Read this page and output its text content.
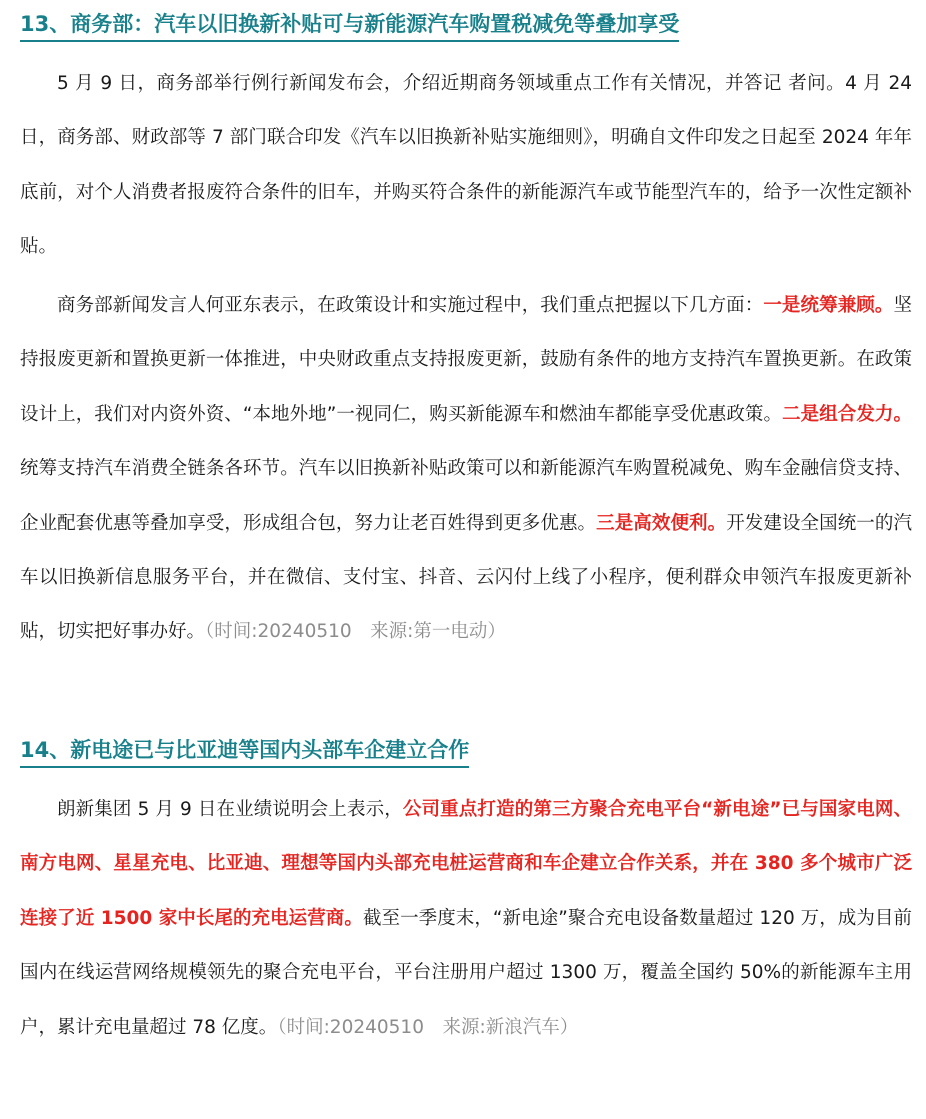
13、商务部：汽车以旧换新补贴可与新能源汽车购置税减免等叠加享受

5 月 9 日，商务部举行例行新闻发布会，介绍近期商务领域重点工作有关情况，并答记 者问。4 月 24 日，商务部、财政部等 7 部门联合印发《汽车以旧换新补贴实施细则》，明确自文件印发之日起至 2024 年年底前，对个人消费者报废符合条件的旧车，并购买符合条件的新能源汽车或节能型汽车的，给予一次性定额补贴。

商务部新闻发言人何亚东表示，在政策设计和实施过程中，我们重点把握以下几方面：一是统筹兼顾。坚持报废更新和置换更新一体推进，中央财政重点支持报废更新，鼓励有条件的地方支持汽车置换更新。在政策设计上，我们对内资外资、“本地外地”一视同仁，购买新能源车和燃油车都能享受优惠政策。二是组合发力。统筹支持汽车消费全链条各环节。汽车以旧换新补贴政策可以和新能源汽车购置税减免、购车金融信贷支持、企业配套优惠等叠加享受，形成组合包，努力让老百姓得到更多优惠。三是高效便利。开发建设全国统一的汽车以旧换新信息服务平台，并在微信、支付宝、抖音、云闪付上线了小程序，便利群众申领汽车报废更新补贴，切实把好事办好。（时间:20240510　来源:第一电动）

14、新电途已与比亚迪等国内头部车企建立合作

朗新集团 5 月 9 日在业绩说明会上表示，公司重点打造的第三方聚合充电平台“新电途”已与国家电网、南方电网、星星充电、比亚迪、理想等国内头部充电桩运营商和车企建立合作关系，并在 380 多个城市广泛连接了近 1500 家中长尾的充电运营商。截至一季度末，“新电途”聚合充电设备数量超过 120 万，成为目前国内在线运营网络规模领先的聚合充电平台，平台注册用户超过 1300 万，覆盖全国约 50%的新能源车主用户，累计充电量超过 78 亿度。（时间:20240510　来源:新浪汽车）
